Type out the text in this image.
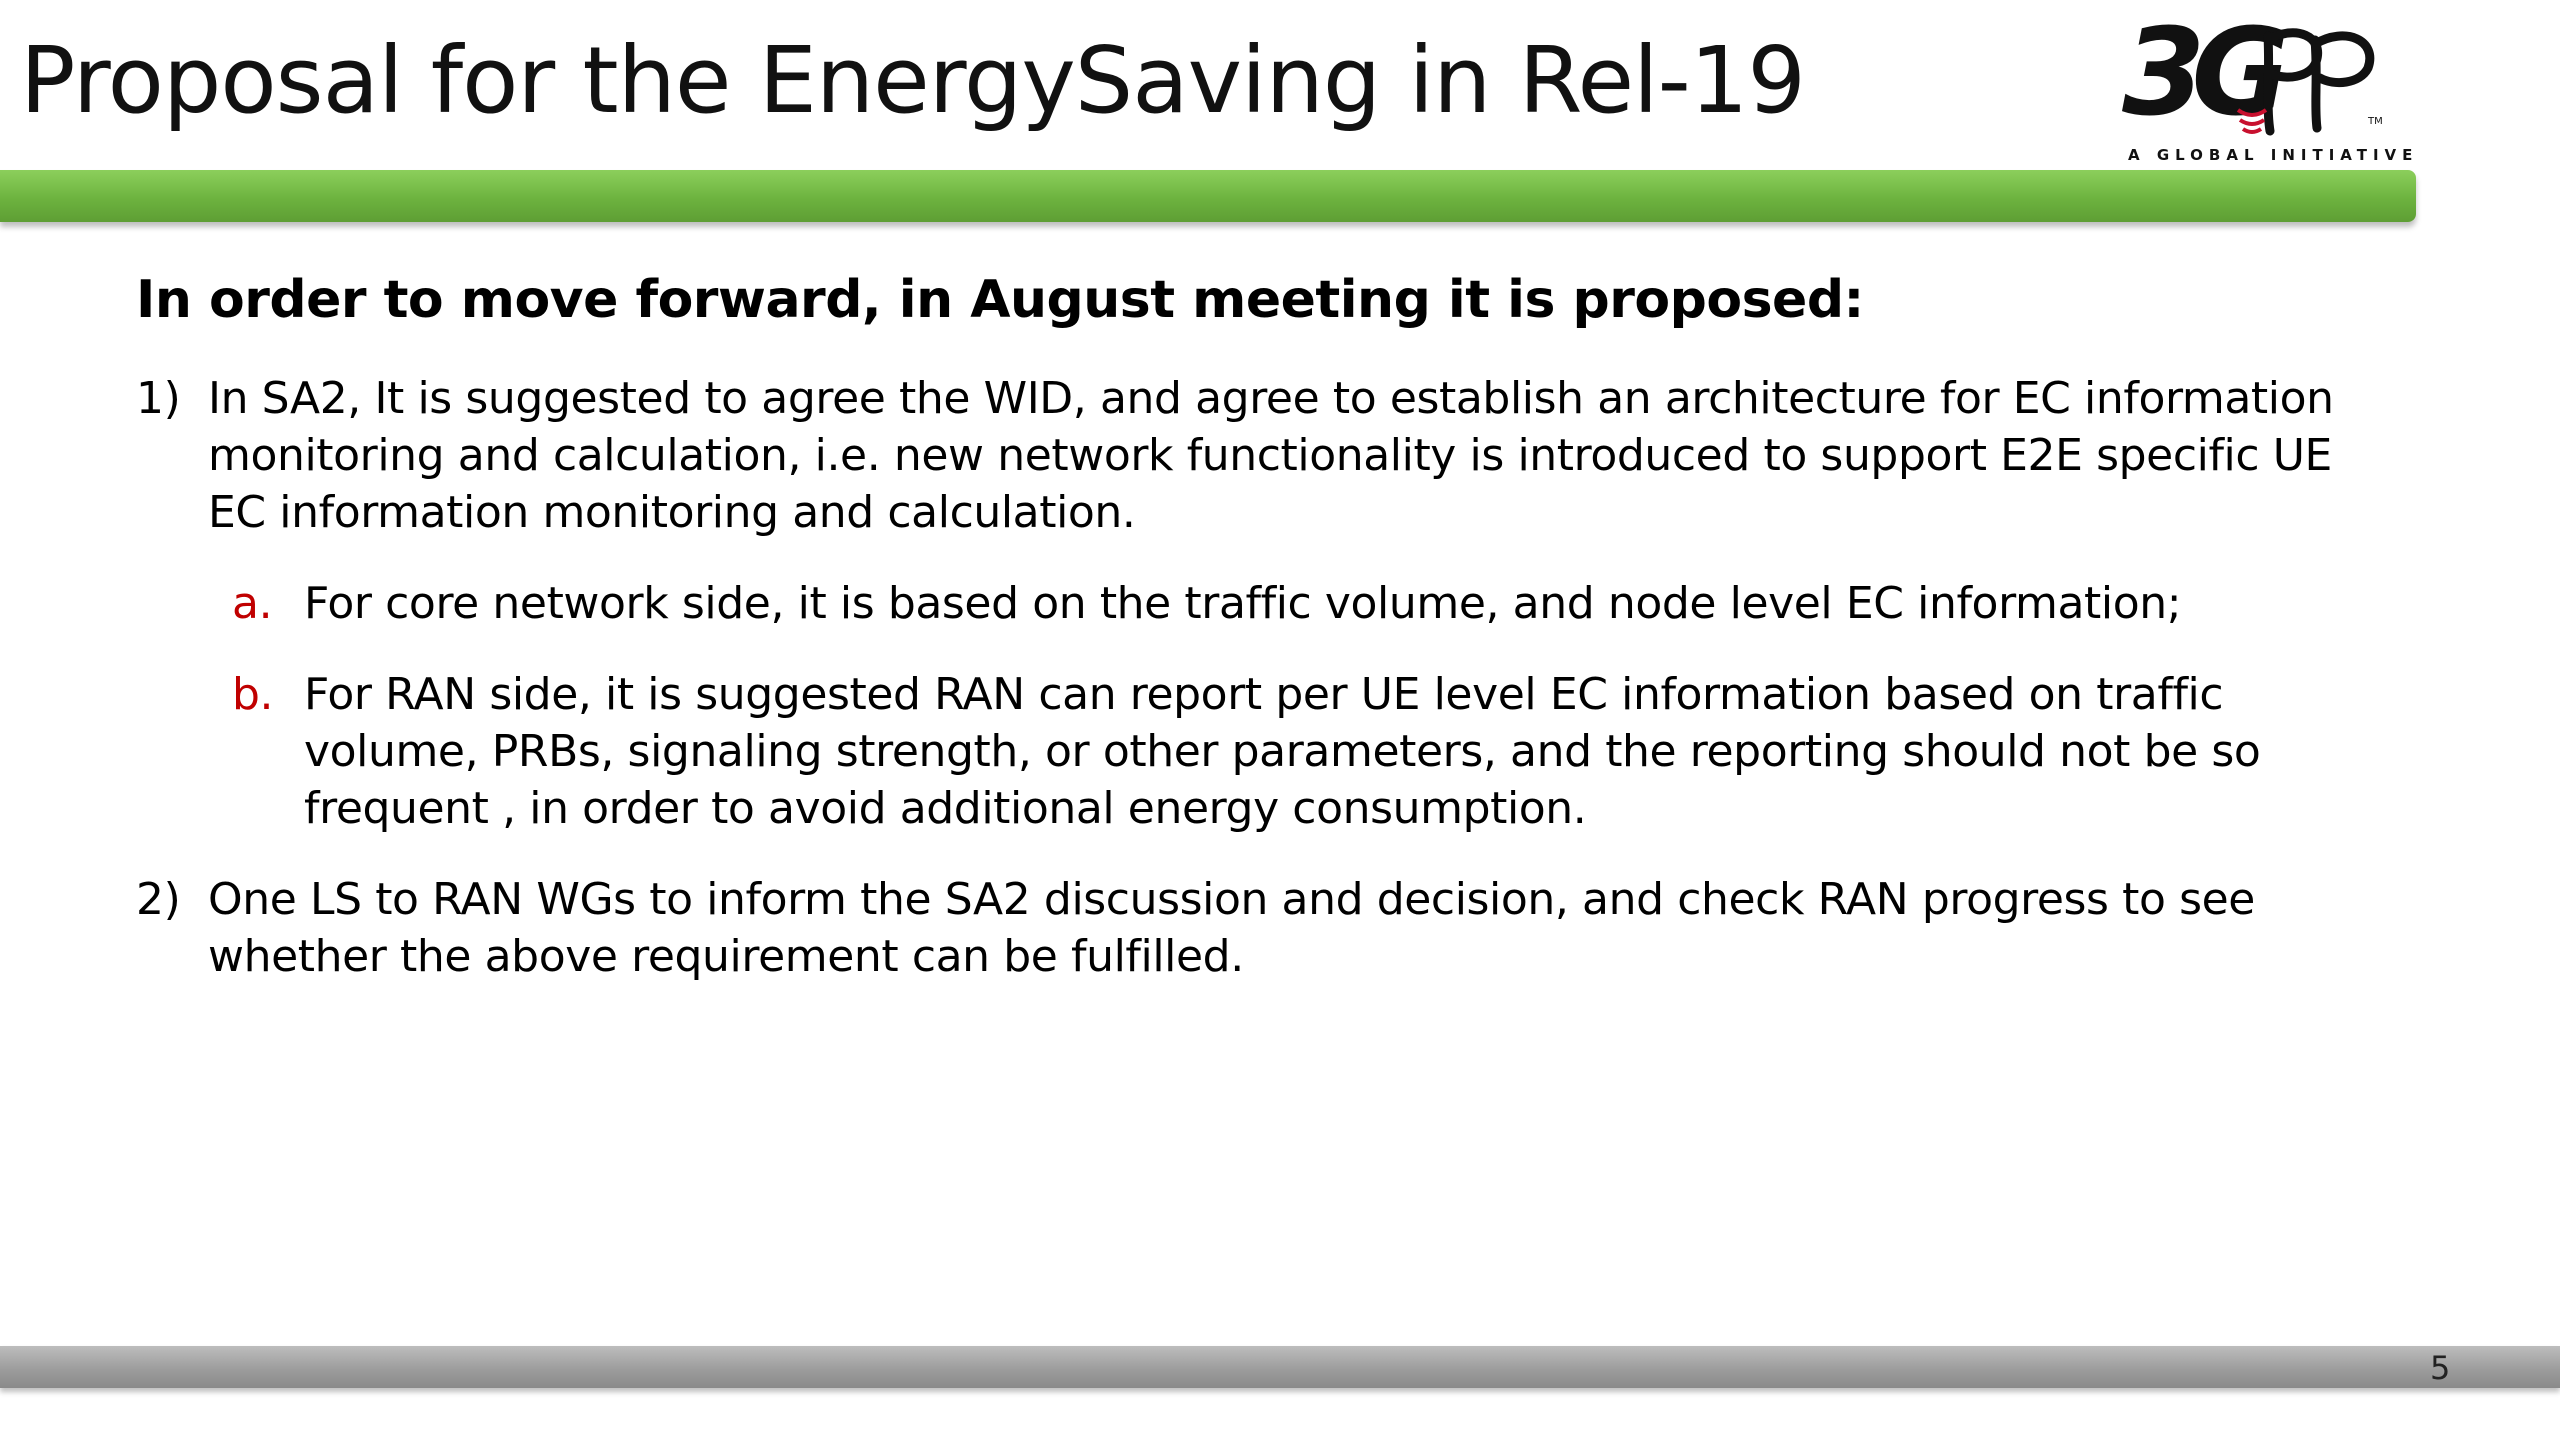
Proposal for the EnergySaving in Rel-19	3G	TM
A GLOBAL INITIATIVE
In order to move forward, in August meeting it is proposed:
1) In SA2, It is suggested to agree the WID, and agree to establish an architecture for EC information monitoring and calculation, i.e. new network functionality is introduced to support E2E specific UE EC information monitoring and calculation.
a. For core network side, it is based on the traffic volume, and node level EC information;
b. For RAN side, it is suggested RAN can report per UE level EC information based on traffic volume, PRBs, signaling strength, or other parameters, and the reporting should not be so frequent , in order to avoid additional energy consumption.
2) One LS to RAN WGs to inform the SA2 discussion and decision, and check RAN progress to see whether the above requirement can be fulfilled.
5
